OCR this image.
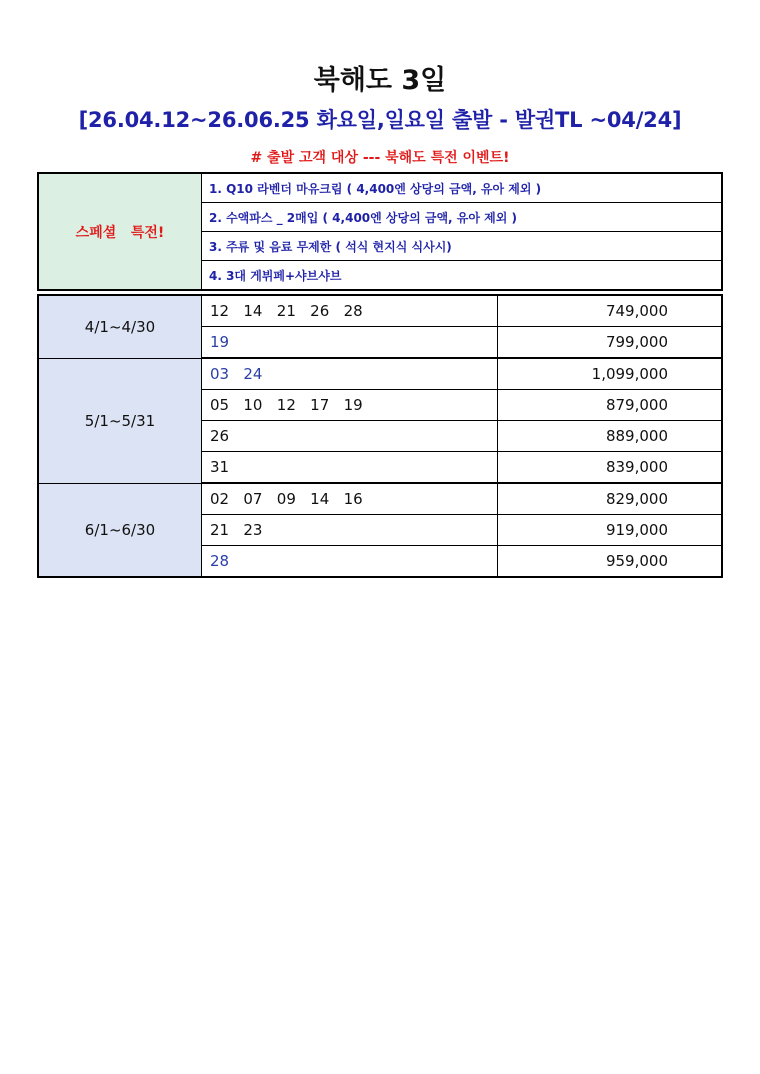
북해도 3일
[26.04.12~26.06.25 화요일,일요일 출발 - 발권TL ~04/24]
# 출발 고객 대상 --- 북해도 특전 이벤트!
스페셜   특전!	1. Q10 라벤더 마유크림 ( 4,400엔 상당의 금액, 유아 제외 )
2. 수액파스 _ 2매입 ( 4,400엔 상당의 금액, 유아 제외 )
3. 주류 및 음료 무제한 ( 석식 현지식 식사시)
4. 3대 게뷔페+샤브샤브
4/1~4/30	12   14   21   26   28	749,000
	19	799,000
5/1~5/31	03   24	1,099,000
	05   10   12   17   19	879,000
	26	889,000
	31	839,000
6/1~6/30	02   07   09   14   16	829,000
	21   23	919,000
	28	959,000
